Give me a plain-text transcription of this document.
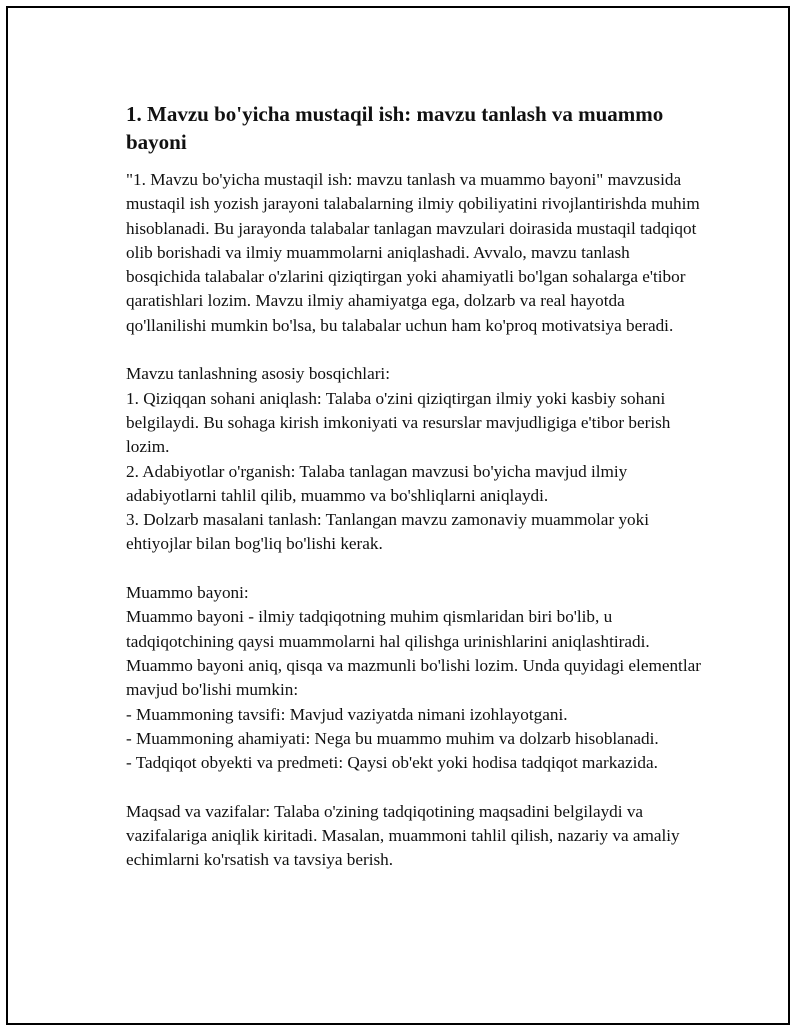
1. Mavzu bo'yicha mustaqil ish: mavzu tanlash va muammo bayoni

"1. Mavzu bo'yicha mustaqil ish: mavzu tanlash va muammo bayoni" mavzusida mustaqil ish yozish jarayoni talabalarning ilmiy qobiliyatini rivojlantirishda muhim hisoblanadi. Bu jarayonda talabalar tanlagan mavzulari doirasida mustaqil tadqiqot olib borishadi va ilmiy muammolarni aniqlashadi. Avvalo, mavzu tanlash bosqichida talabalar o'zlarini qiziqtirgan yoki ahamiyatli bo'lgan sohalarga e'tibor qaratishlari lozim. Mavzu ilmiy ahamiyatga ega, dolzarb va real hayotda qo'llanilishi mumkin bo'lsa, bu talabalar uchun ham ko'proq motivatsiya beradi.

Mavzu tanlashning asosiy bosqichlari:
1. Qiziqqan sohani aniqlash: Talaba o'zini qiziqtirgan ilmiy yoki kasbiy sohani belgilaydi. Bu sohaga kirish imkoniyati va resurslar mavjudligiga e'tibor berish lozim.
2. Adabiyotlar o'rganish: Talaba tanlagan mavzusi bo'yicha mavjud ilmiy adabiyotlarni tahlil qilib, muammo va bo'shliqlarni aniqlaydi.
3. Dolzarb masalani tanlash: Tanlangan mavzu zamonaviy muammolar yoki ehtiyojlar bilan bog'liq bo'lishi kerak.

Muammo bayoni:
Muammo bayoni - ilmiy tadqiqotning muhim qismlaridan biri bo'lib, u tadqiqotchining qaysi muammolarni hal qilishga urinishlarini aniqlashtiradi. Muammo bayoni aniq, qisqa va mazmunli bo'lishi lozim. Unda quyidagi elementlar mavjud bo'lishi mumkin:
- Muammoning tavsifi: Mavjud vaziyatda nimani izohlayotgani.
- Muammoning ahamiyati: Nega bu muammo muhim va dolzarb hisoblanadi.
- Tadqiqot obyekti va predmeti: Qaysi ob'ekt yoki hodisa tadqiqot markazida.

Maqsad va vazifalar: Talaba o'zining tadqiqotining maqsadini belgilaydi va vazifalariga aniqlik kiritadi. Masalan, muammoni tahlil qilish, nazariy va amaliy echimlarni ko'rsatish va tavsiya berish.
